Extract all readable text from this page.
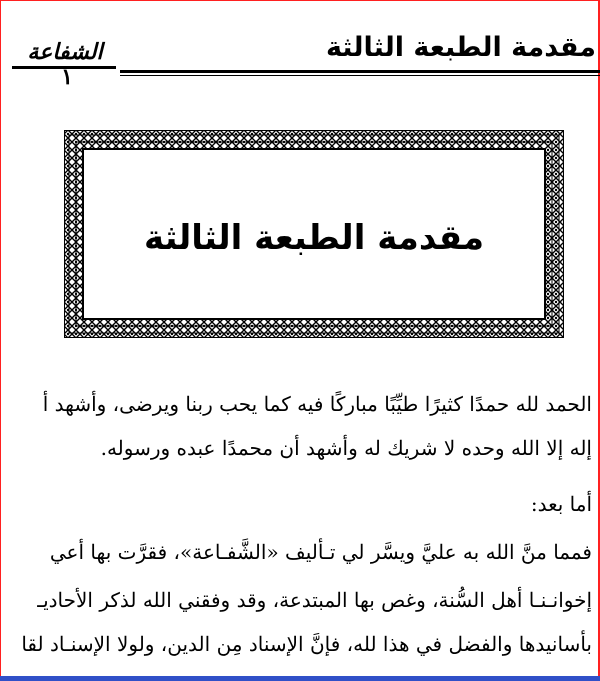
مقدمة الطبعة الثالثة
الشفاعة
١
مقدمة الطبعة الثالثة
الحمد لله حمدًا كثيرًا طيِّبًا مباركًا فيه كما يحب ربنا ويرضى، وأشهد أ
إله إلا الله وحده لا شريك له وأشهد أن محمدًا عبده ورسوله.
أما بعد:
فمما منَّ الله به عليَّ ويسَّر لي تـأليف «الشَّفـاعة»، فقرَّت بها أعي
إخوانـنـا أهل السُّنة، وغص بها المبتدعة، وقد وفقني الله لذكر الأحاديـ
بأسانيدها والفضل في هذا لله، فإنَّ الإسناد مِن الدين، ولولا الإسنـاد لقا
